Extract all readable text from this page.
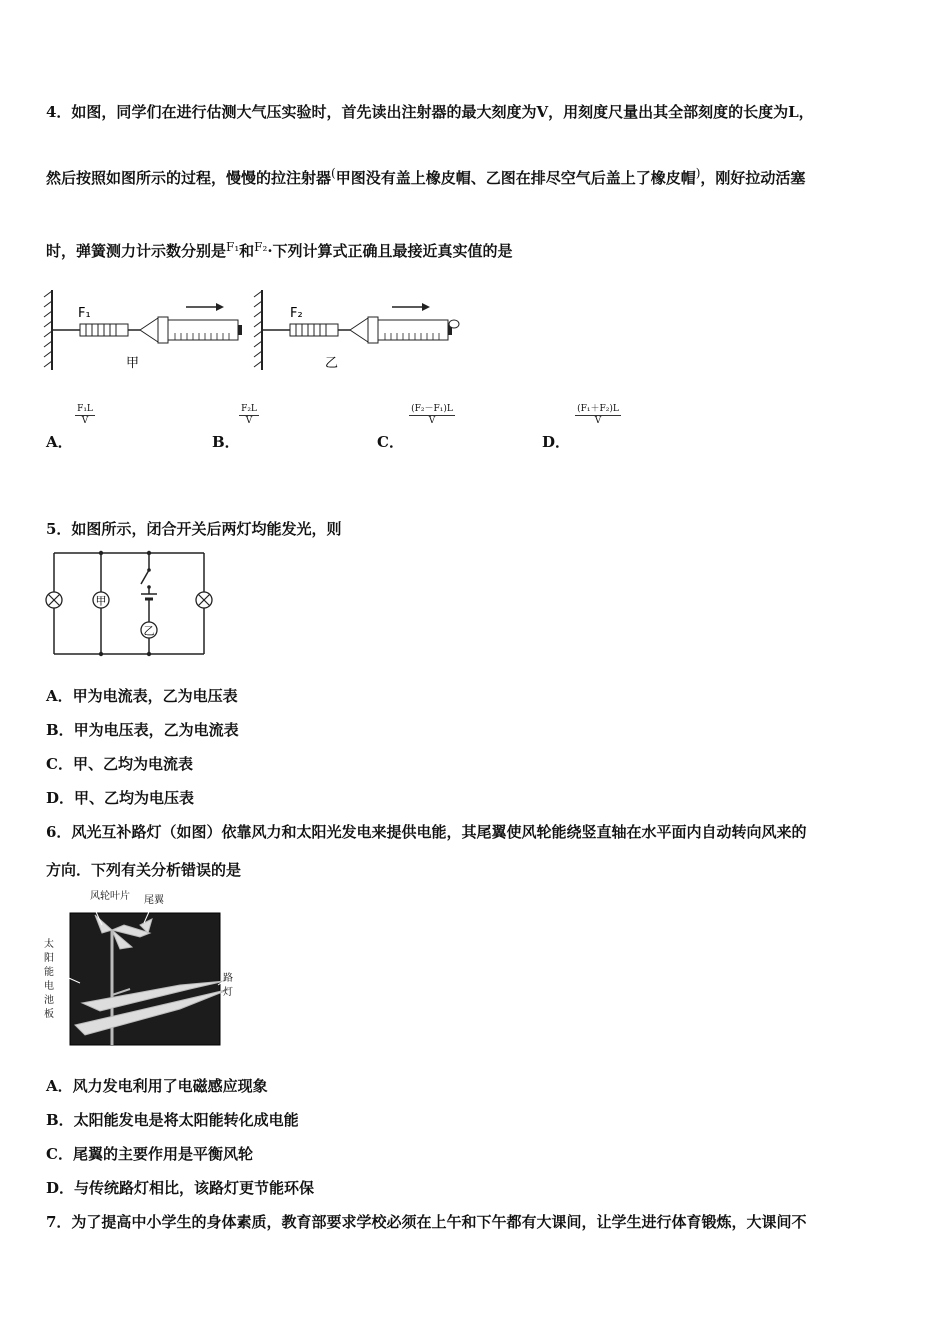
4．如图，同学们在进行估测大气压实验时，首先读出注射器的最大刻度为V，用刻度尺量出其全部刻度的长度为L，
然后按照如图所示的过程，慢慢的拉注射器(甲图没有盖上橡皮帽、乙图在排尽空气后盖上了橡皮帽)，刚好拉动活塞
时，弹簧测力计示数分别是$^{F_1}$和$^{F_2}$·下列计算式正确且最接近真实值的是
F₁
甲
F₂
乙
A．
$\frac{\text{F₁L}}{V}$
B．
$\frac{\text{F₂L}}{V}$
C．
$\frac{\text{(F₂－F₁)L}}{V}$
D．
$\frac{\text{(F₁＋F₂)L}}{V}$
5．如图所示，闭合开关后两灯均能发光，则
甲
乙
A．甲为电流表，乙为电压表
B．甲为电压表，乙为电流表
C．甲、乙均为电流表
D．甲、乙均为电压表
6．风光互补路灯（如图）依靠风力和太阳光发电来提供电能，其尾翼使风轮能绕竖直轴在水平面内自动转向风来的
方向．下列有关分析错误的是
风轮叶片 尾翼
太阳能电池板
路灯
A．风力发电利用了电磁感应现象
B．太阳能发电是将太阳能转化成电能
C．尾翼的主要作用是平衡风轮
D．与传统路灯相比，该路灯更节能环保
7．为了提高中小学生的身体素质，教育部要求学校必须在上午和下午都有大课间，让学生进行体育锻炼，大课间不
